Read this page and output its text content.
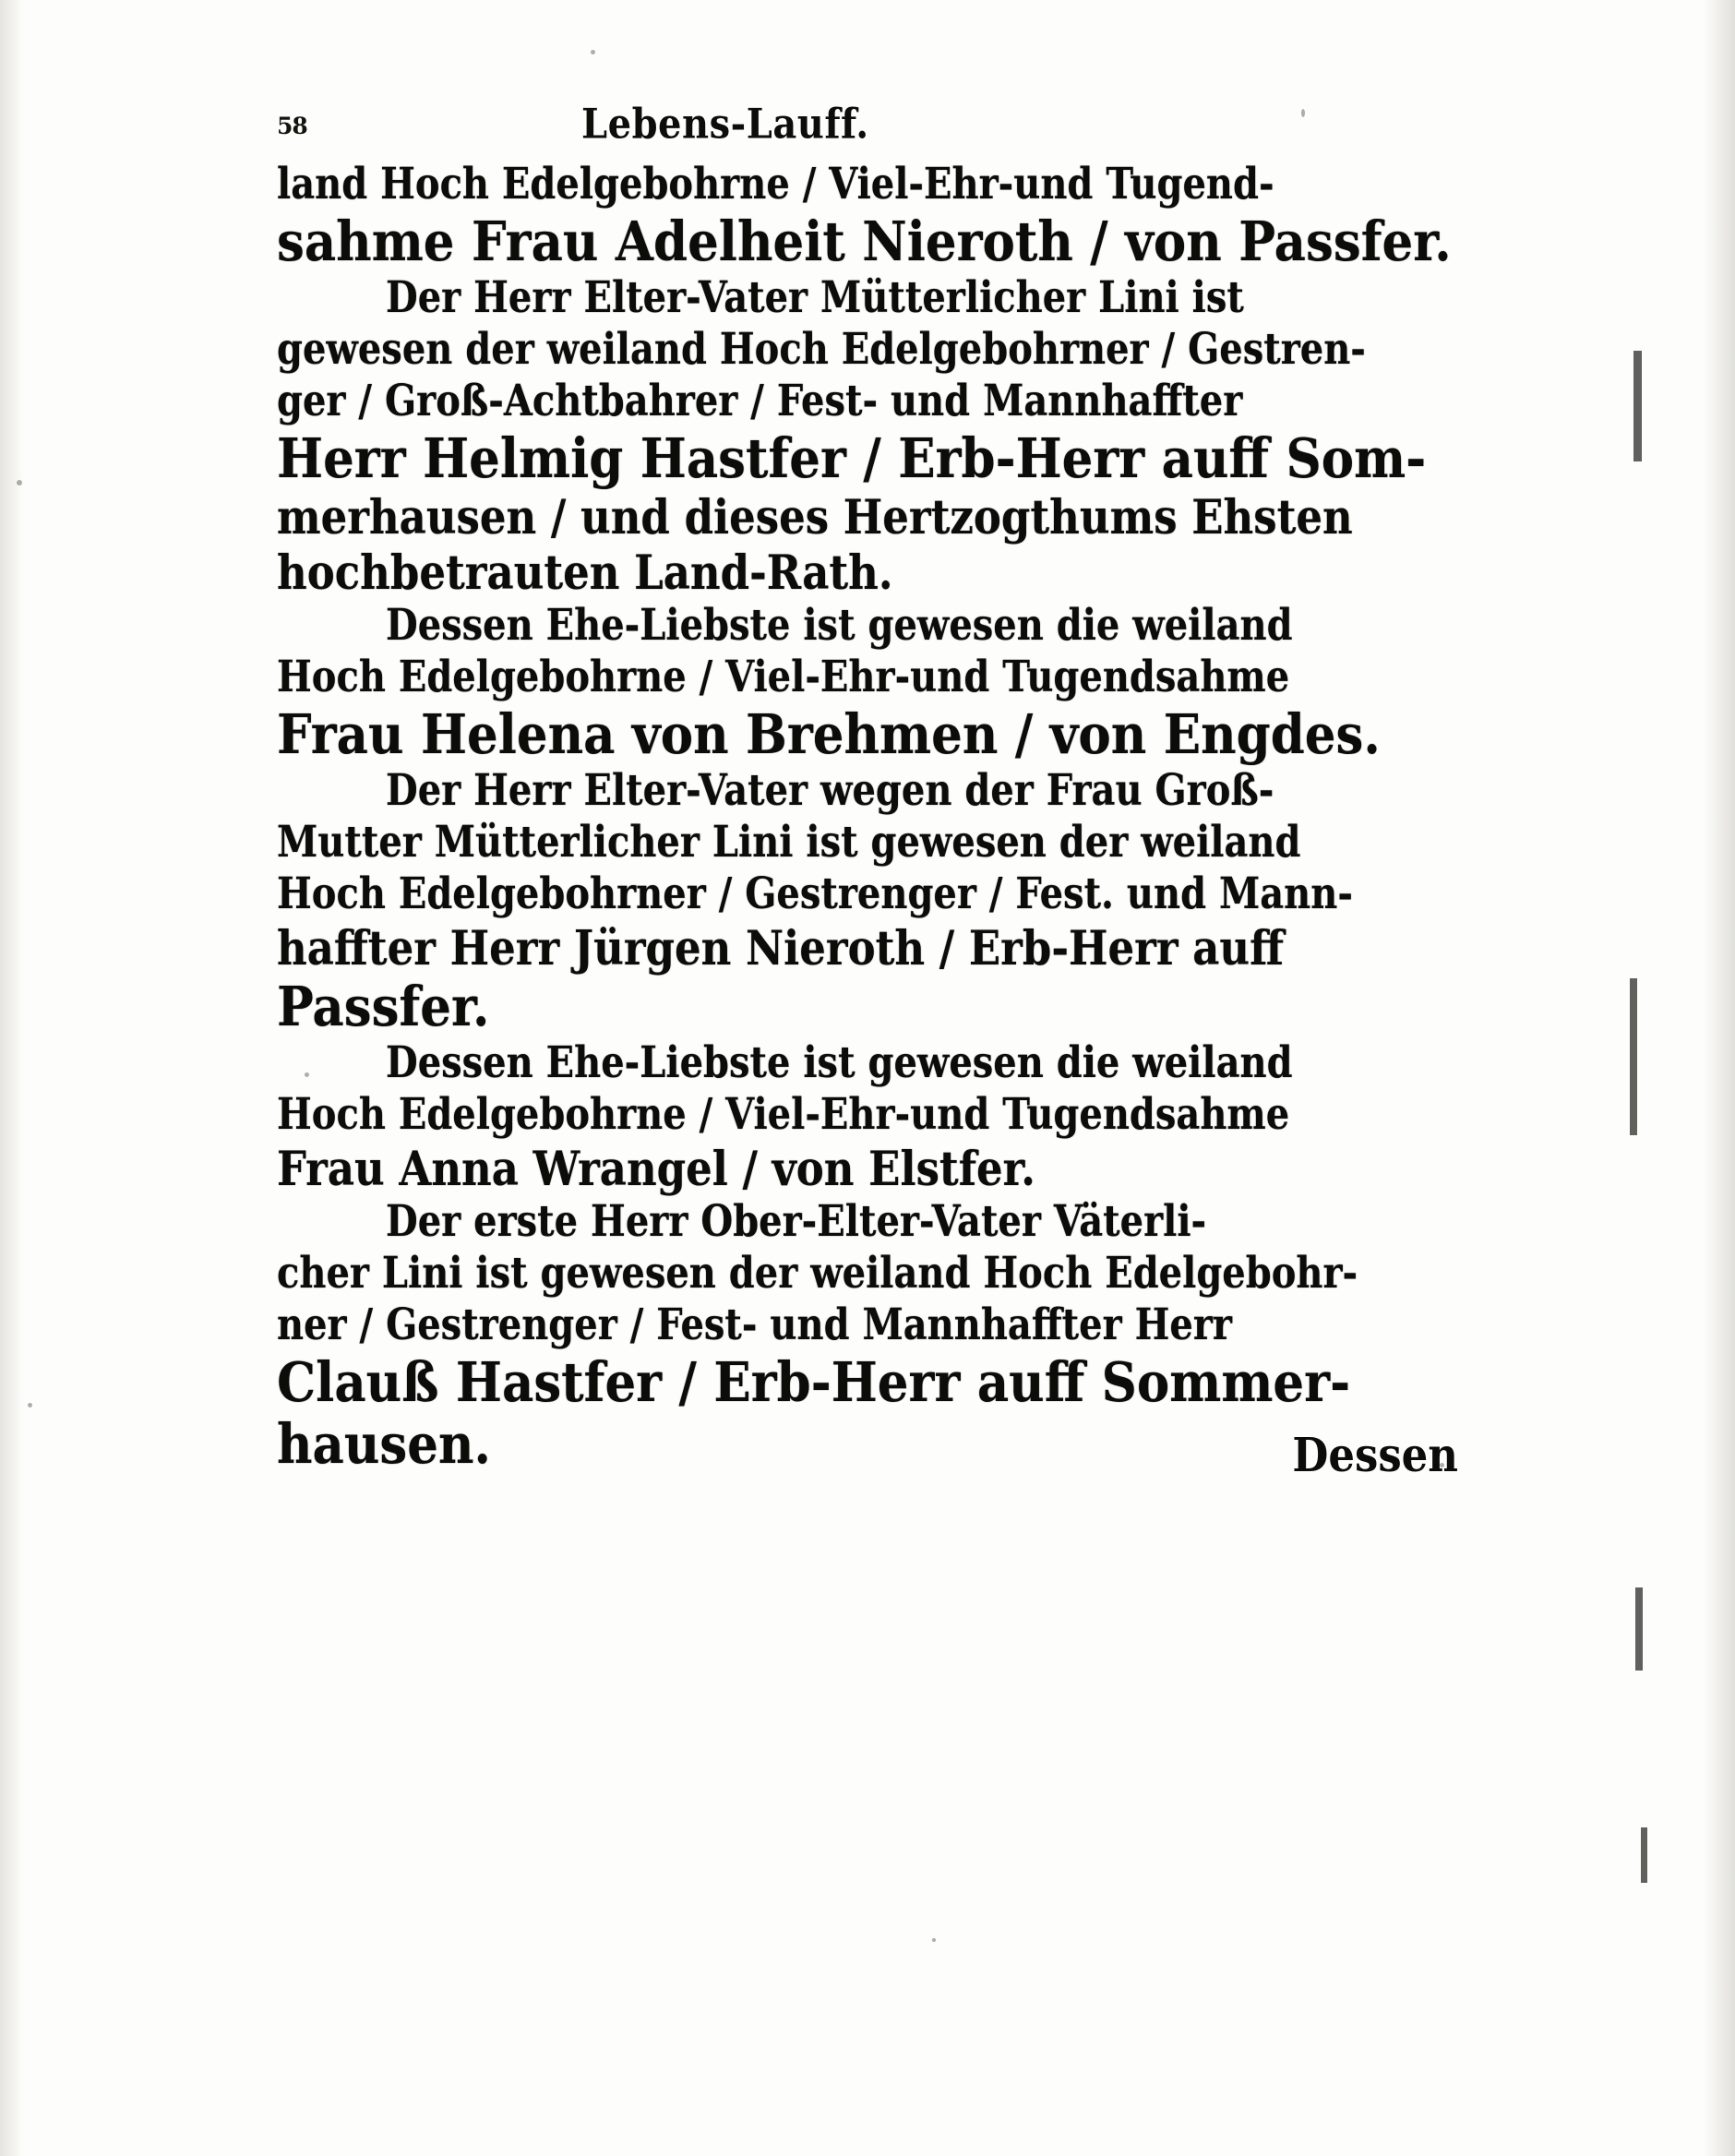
58	Lebens-Lauff.
land Hoch Edelgebohrne / Viel-Ehr-und Tugend-
sahme Frau Adelheit Nieroth / von Passfer.
Der Herr Elter-Vater Mütterlicher Lini ist
gewesen der weiland Hoch Edelgebohrner / Gestren-
ger / Groß-Achtbahrer / Fest- und Mannhaffter
Herr Helmig Hastfer / Erb-Herr auff Som-
merhausen / und dieses Hertzogthums Ehsten
hochbetrauten Land-Rath.
Dessen Ehe-Liebste ist gewesen die weiland
Hoch Edelgebohrne / Viel-Ehr-und Tugendsahme
Frau Helena von Brehmen / von Engdes.
Der Herr Elter-Vater wegen der Frau Groß-
Mutter Mütterlicher Lini ist gewesen der weiland
Hoch Edelgebohrner / Gestrenger / Fest. und Mann-
haffter Herr Jürgen Nieroth / Erb-Herr auff
Passfer.
Dessen Ehe-Liebste ist gewesen die weiland
Hoch Edelgebohrne / Viel-Ehr-und Tugendsahme
Frau Anna Wrangel / von Elstfer.
Der erste Herr Ober-Elter-Vater Väterli-
cher Lini ist gewesen der weiland Hoch Edelgebohr-
ner / Gestrenger / Fest- und Mannhaffter Herr
Clauß Hastfer / Erb-Herr auff Sommer-
hausen.	Dessen
